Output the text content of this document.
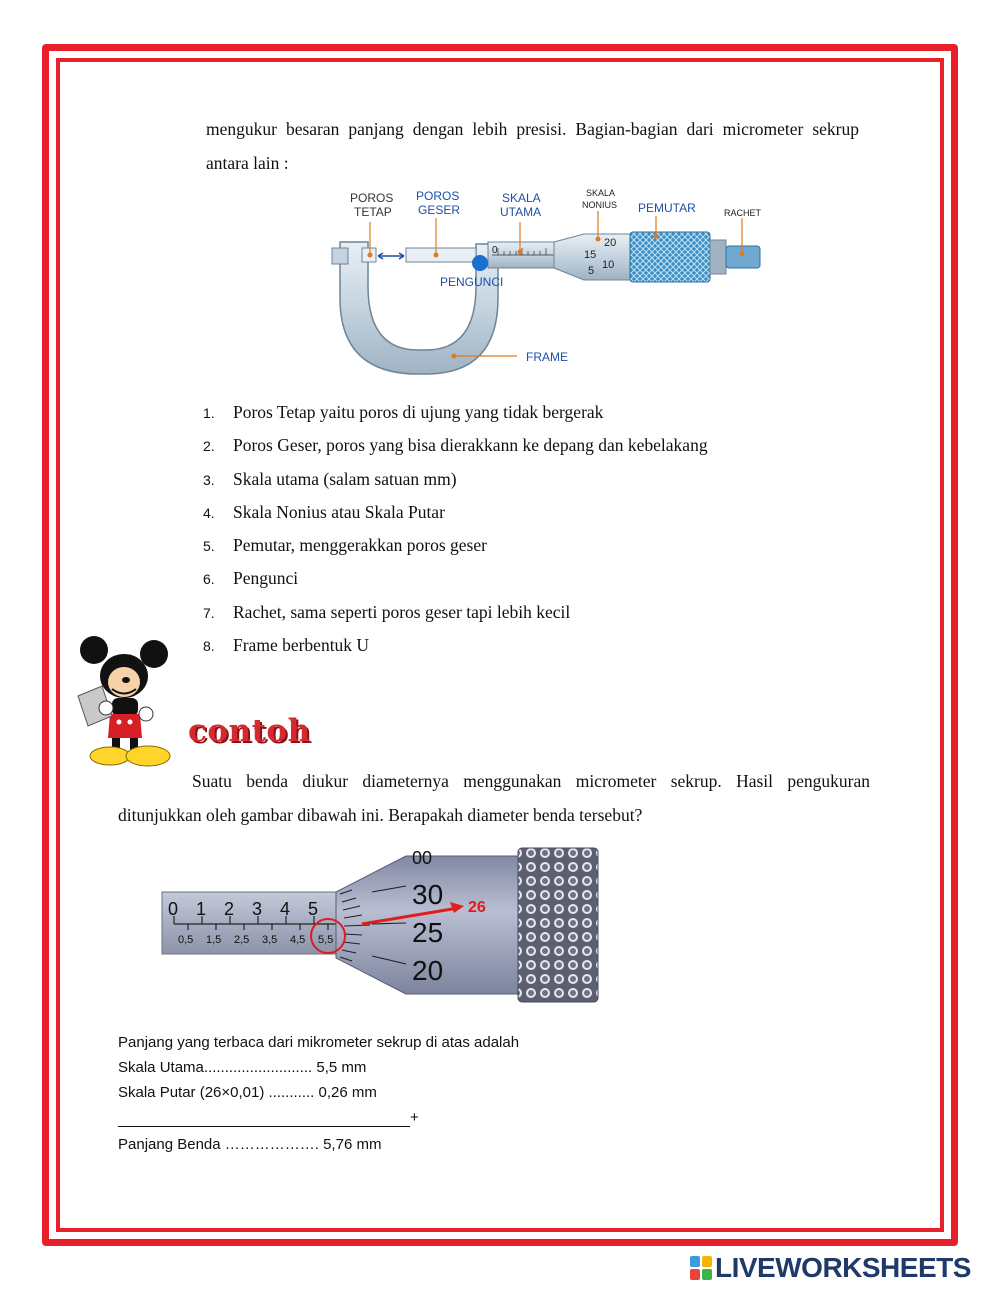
mengukur besaran panjang dengan lebih presisi. Bagian-bagian dari micrometer sekrup antara lain :
0
20
15
10
5
POROS
TETAP
POROS
GESER
SKALA
UTAMA
SKALA
NONIUS PEMUTAR	RACHET
PENGUNCI
FRAME
1. Poros Tetap yaitu poros di ujung yang tidak bergerak
2. Poros Geser, poros yang bisa dierakkann ke depang dan kebelakang
3. Skala utama (salam satuan mm)
4. Skala Nonius atau Skala Putar
5. Pemutar, menggerakkan poros geser
6. Pengunci
7. Rachet, sama seperti poros geser tapi lebih kecil
8. Frame berbentuk U
contoh
Suatu benda diukur diameternya menggunakan micrometer sekrup. Hasil pengukuran ditunjukkan oleh gambar dibawah ini. Berapakah diameter benda tersebut?
0 1 2 3 4 5
0,5 1,5 2,5 3,5 4,5 5,5
30
25
20
00
26
Panjang yang terbaca dari mikrometer sekrup di atas adalah
Skala Utama.......................... 5,5 mm
Skala Putar (26×0,01) ........... 0,26 mm
+
Panjang Benda ………………. 5,76 mm
LIVEWORKSHEETS
